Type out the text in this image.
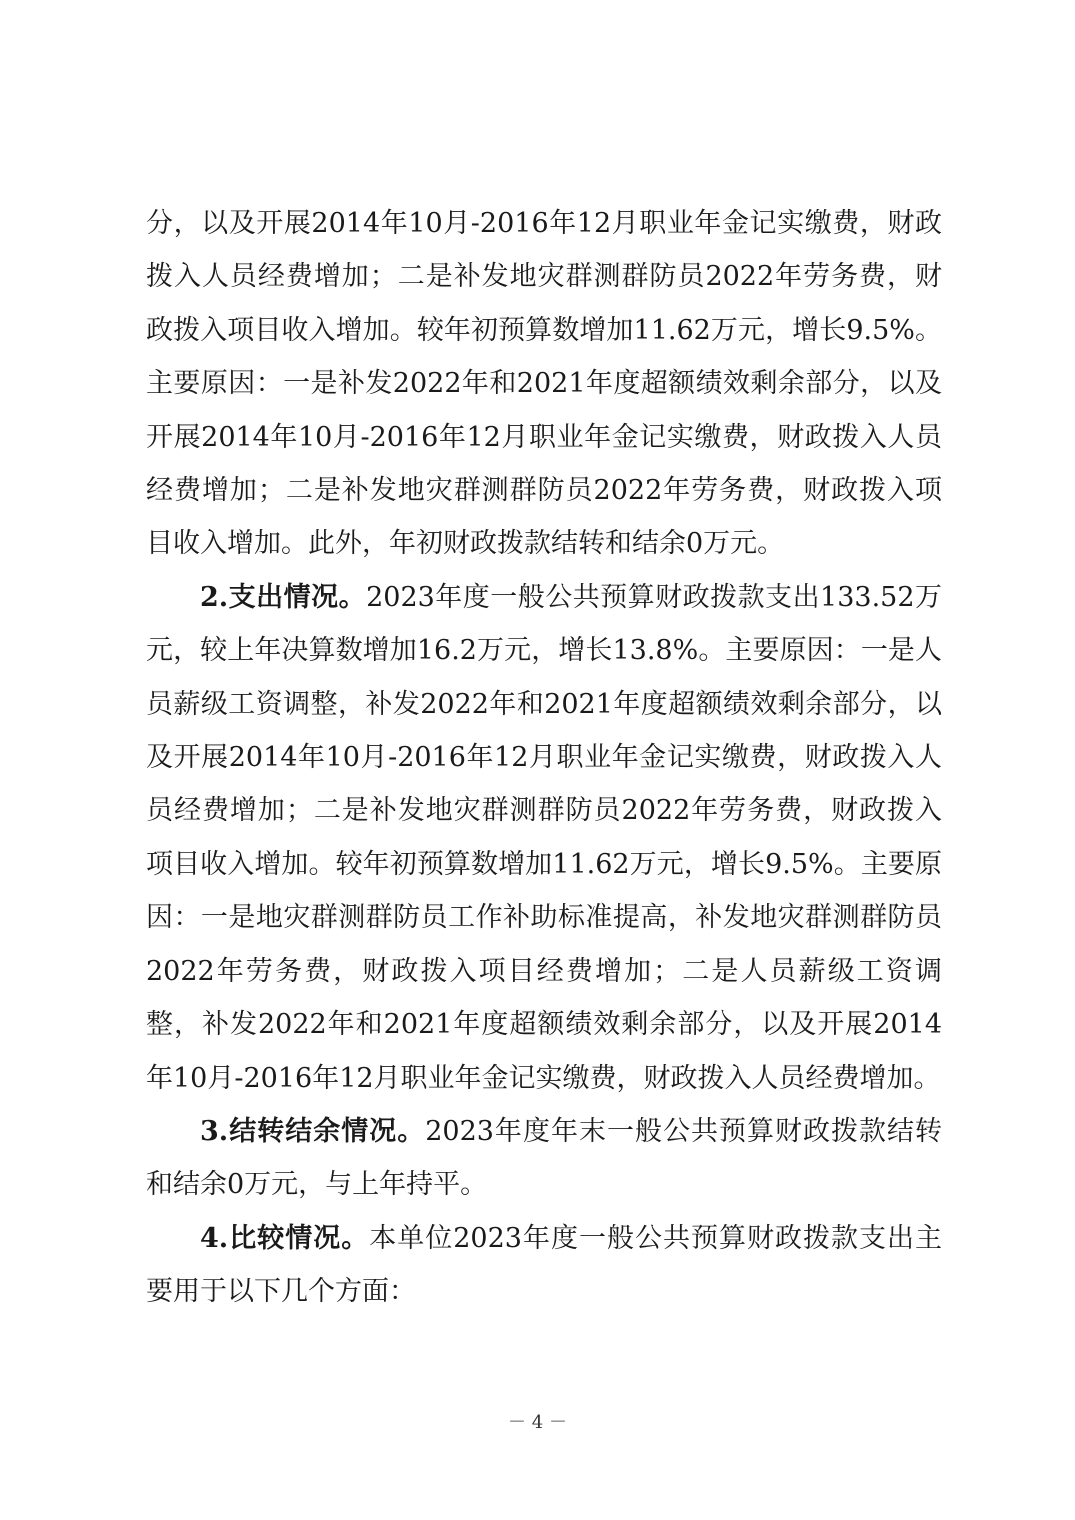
分，以及开展2014年10月-2016年12月职业年金记实缴费，财政拨入人员经费增加；二是补发地灾群测群防员2022年劳务费，财政拨入项目收入增加。较年初预算数增加11.62万元，增长9.5%。主要原因：一是补发2022年和2021年度超额绩效剩余部分，以及开展2014年10月-2016年12月职业年金记实缴费，财政拨入人员经费增加；二是补发地灾群测群防员2022年劳务费，财政拨入项目收入增加。此外，年初财政拨款结转和结余0万元。

2.支出情况。2023年度一般公共预算财政拨款支出133.52万元，较上年决算数增加16.2万元，增长13.8%。主要原因：一是人员薪级工资调整，补发2022年和2021年度超额绩效剩余部分，以及开展2014年10月-2016年12月职业年金记实缴费，财政拨入人员经费增加；二是补发地灾群测群防员2022年劳务费，财政拨入项目收入增加。较年初预算数增加11.62万元，增长9.5%。主要原因：一是地灾群测群防员工作补助标准提高，补发地灾群测群防员2022年劳务费，财政拨入项目经费增加；二是人员薪级工资调整，补发2022年和2021年度超额绩效剩余部分，以及开展2014年10月-2016年12月职业年金记实缴费，财政拨入人员经费增加。

3.结转结余情况。2023年度年末一般公共预算财政拨款结转和结余0万元，与上年持平。

4.比较情况。本单位2023年度一般公共预算财政拨款支出主要用于以下几个方面：

－ 4 －
